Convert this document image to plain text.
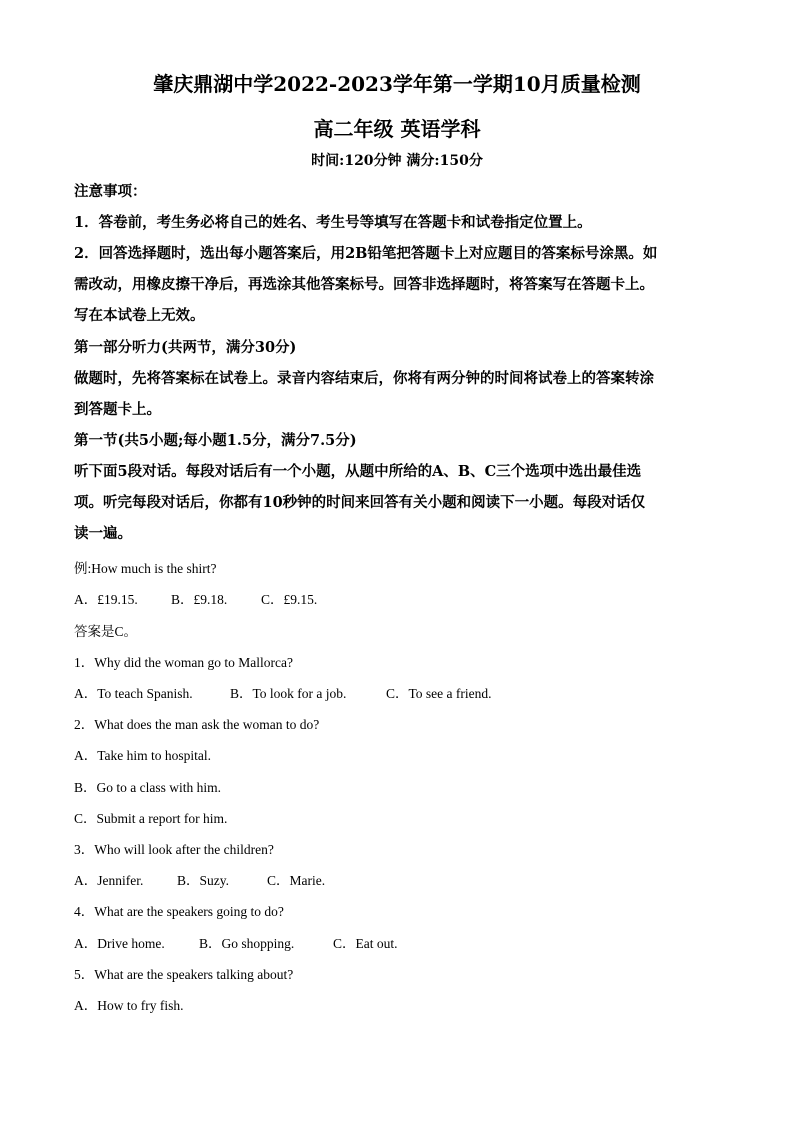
肇庆鼎湖中学2022-2023学年第一学期10月质量检测
高二年级 英语学科
时间:120分钟 满分:150分
注意事项：
1．答卷前，考生务必将自己的姓名、考生号等填写在答题卡和试卷指定位置上。
2．回答选择题时，选出每小题答案后，用2B铅笔把答题卡上对应题目的答案标号涂黑。如
需改动，用橡皮擦干净后，再选涂其他答案标号。回答非选择题时，将答案写在答题卡上。
写在本试卷上无效。
第一部分听力(共两节，满分30分)
做题时，先将答案标在试卷上。录音内容结束后，你将有两分钟的时间将试卷上的答案转涂
到答题卡上。
第一节(共5小题;每小题1.5分，满分7.5分)
听下面5段对话。每段对话后有一个小题，从题中所给的A、B、C三个选项中选出最佳选
项。听完每段对话后，你都有10秒钟的时间来回答有关小题和阅读下一小题。每段对话仅
读一遍。
例:How much is the shirt?
A．£19.15. B．£9.18. C．£9.15.
答案是C。
1．Why did the woman go to Mallorca?
A．To teach Spanish.	B．To look for a job.	C．To see a friend.
2．What does the man ask the woman to do?
A．Take him to hospital.
B．Go to a class with him.
C．Submit a report for him.
3．Who will look after the children?
A．Jennifer. B．Suzy.	C．Marie.
4．What are the speakers going to do?
A．Drive home.	B．Go shopping.	C．Eat out.
5．What are the speakers talking about?
A．How to fry fish.
